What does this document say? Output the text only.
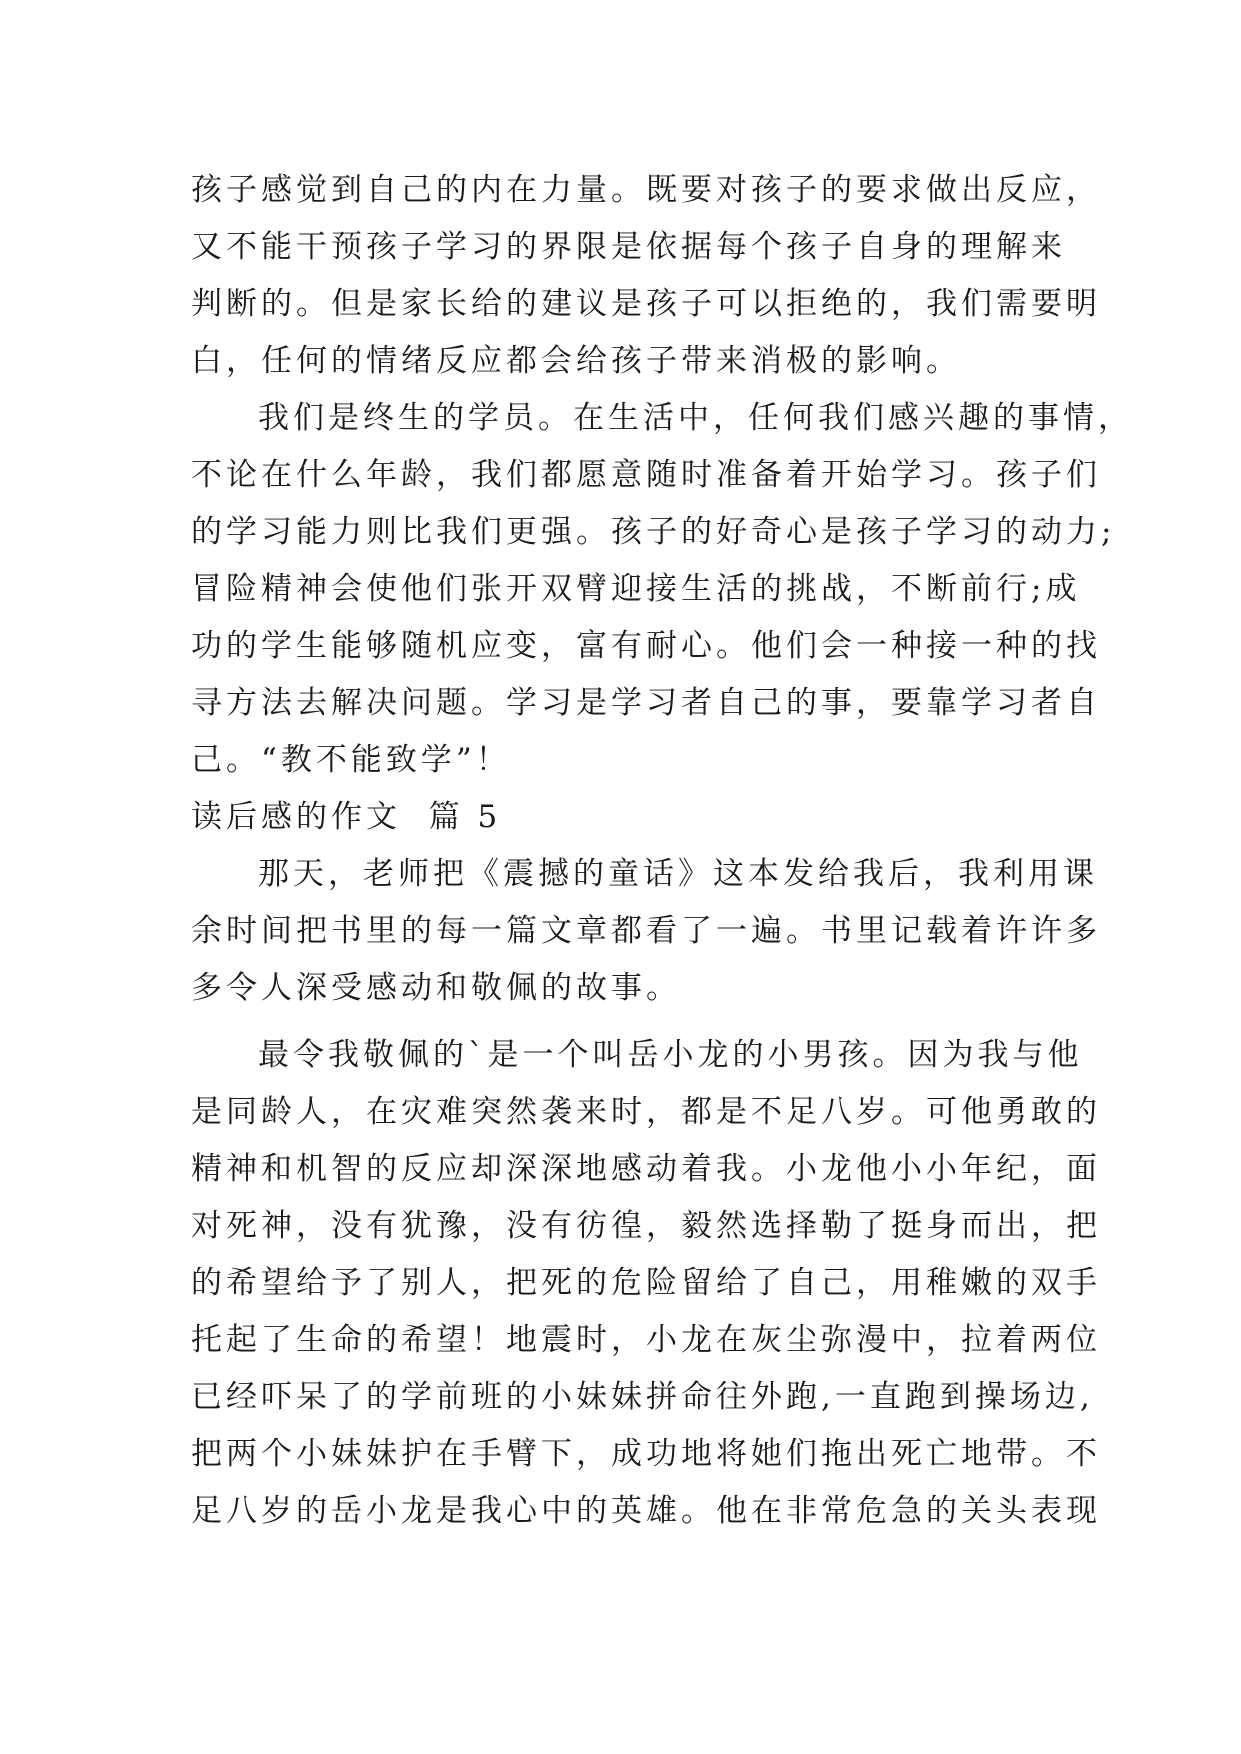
孩子感觉到自己的内在力量。既要对孩子的要求做出反应，
又不能干预孩子学习的界限是依据每个孩子自身的理解来
判断的。但是家长给的建议是孩子可以拒绝的，我们需要明
白，任何的情绪反应都会给孩子带来消极的影响。
我们是终生的学员。在生活中，任何我们感兴趣的事情，
不论在什么年龄，我们都愿意随时准备着开始学习。孩子们
的学习能力则比我们更强。孩子的好奇心是孩子学习的动力;
冒险精神会使他们张开双臂迎接生活的挑战，不断前行;成
功的学生能够随机应变，富有耐心。他们会一种接一种的找
寻方法去解决问题。学习是学习者自己的事，要靠学习者自
己。“教不能致学”！
读后感的作文  篇 5
那天，老师把《震撼的童话》这本发给我后，我利用课
余时间把书里的每一篇文章都看了一遍。书里记载着许许多
多令人深受感动和敬佩的故事。
最令我敬佩的`是一个叫岳小龙的小男孩。因为我与他
是同龄人，在灾难突然袭来时，都是不足八岁。可他勇敢的
精神和机智的反应却深深地感动着我。小龙他小小年纪，面
对死神，没有犹豫，没有彷徨，毅然选择勒了挺身而出，把
的希望给予了别人，把死的危险留给了自己，用稚嫩的双手
托起了生命的希望！地震时，小龙在灰尘弥漫中，拉着两位
已经吓呆了的学前班的小妹妹拼命往外跑,一直跑到操场边,
把两个小妹妹护在手臂下，成功地将她们拖出死亡地带。不
足八岁的岳小龙是我心中的英雄。他在非常危急的关头表现
